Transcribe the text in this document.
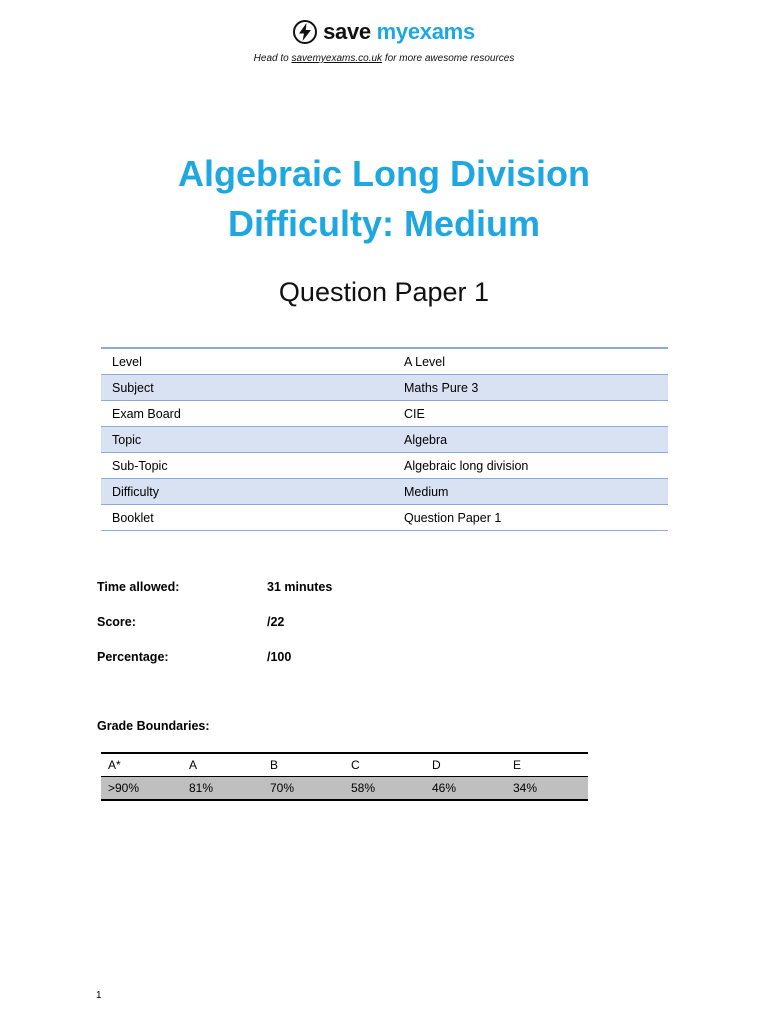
save myexams
Head to savemyexams.co.uk for more awesome resources
Algebraic Long Division
Difficulty: Medium
Question Paper 1
Level	A Level
Subject	Maths Pure 3
Exam Board	CIE
Topic	Algebra
Sub-Topic	Algebraic long division
Difficulty	Medium
Booklet	Question Paper 1
Time allowed:	31 minutes
Score:	/22
Percentage:	/100
Grade Boundaries:
A*	A	B	C	D	E
>90%	81%	70%	58%	46%	34%
1
